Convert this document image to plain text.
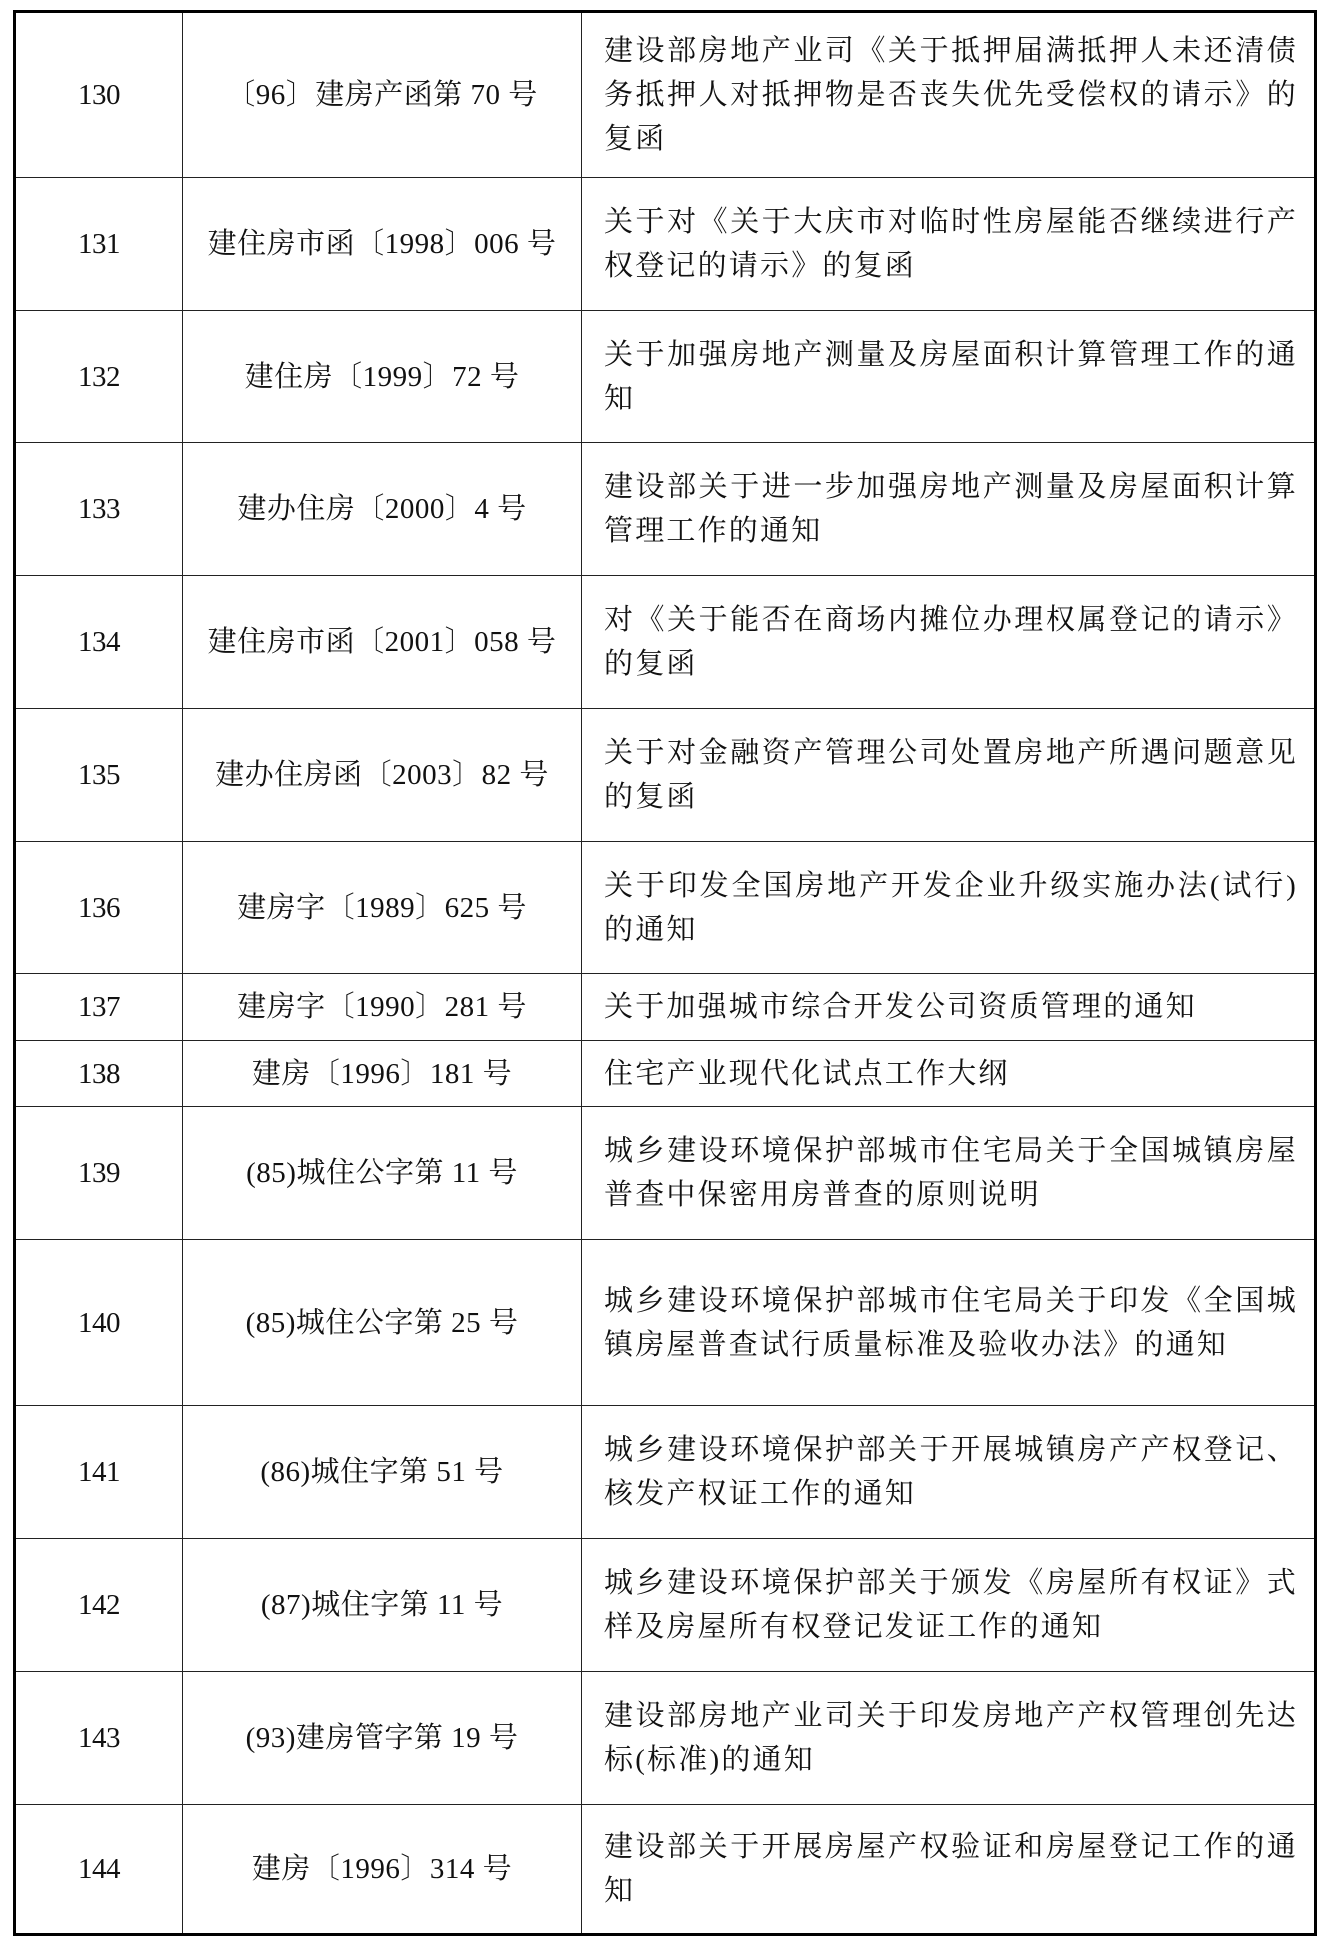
130	〔96〕建房产函第 70 号	建设部房地产业司《关于抵押届满抵押人未还清债务抵押人对抵押物是否丧失优先受偿权的请示》的复函
131	建住房市函〔1998〕006 号	关于对《关于大庆市对临时性房屋能否继续进行产权登记的请示》的复函
132	建住房〔1999〕72 号	关于加强房地产测量及房屋面积计算管理工作的通知
133	建办住房〔2000〕4 号	建设部关于进一步加强房地产测量及房屋面积计算管理工作的通知
134	建住房市函〔2001〕058 号	对《关于能否在商场内摊位办理权属登记的请示》的复函
135	建办住房函〔2003〕82 号	关于对金融资产管理公司处置房地产所遇问题意见的复函
136	建房字〔1989〕625 号	关于印发全国房地产开发企业升级实施办法(试行)的通知
137	建房字〔1990〕281 号	关于加强城市综合开发公司资质管理的通知
138	建房〔1996〕181 号	住宅产业现代化试点工作大纲
139	(85)城住公字第 11 号	城乡建设环境保护部城市住宅局关于全国城镇房屋普查中保密用房普查的原则说明
140	(85)城住公字第 25 号	城乡建设环境保护部城市住宅局关于印发《全国城镇房屋普查试行质量标准及验收办法》的通知
141	(86)城住字第 51 号	城乡建设环境保护部关于开展城镇房产产权登记、核发产权证工作的通知
142	(87)城住字第 11 号	城乡建设环境保护部关于颁发《房屋所有权证》式样及房屋所有权登记发证工作的通知
143	(93)建房管字第 19 号	建设部房地产业司关于印发房地产产权管理创先达标(标准)的通知
144	建房〔1996〕314 号	建设部关于开展房屋产权验证和房屋登记工作的通知
